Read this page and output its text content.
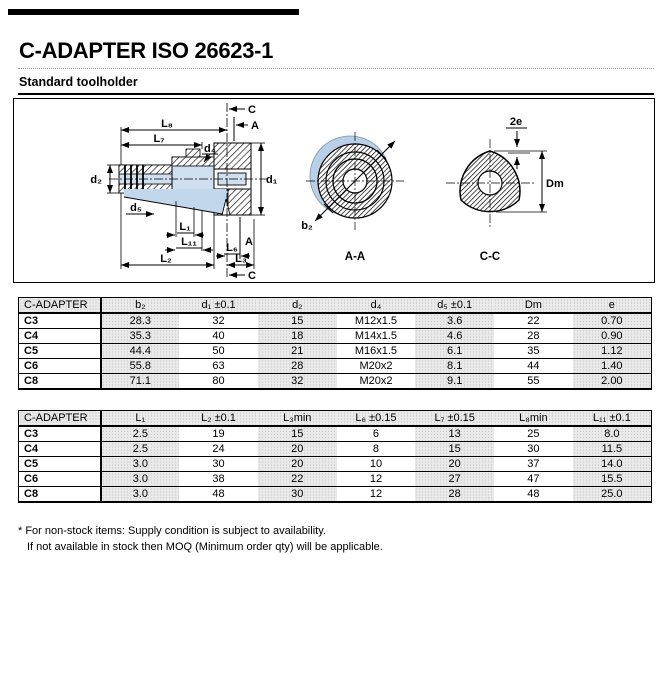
C-ADAPTER ISO 26623-1
Standard toolholder
C
A
L₈
L₇
d₄
d₂	d₁
d₅
L₁
L₁₁	L₆ A
L₂	L₃
C
b₂
A-A
2e
Dm
C-C
C-ADAPTER	b₂	d₁ ±0.1	d₂	d₄	d₅ ±0.1	Dm	e
C3	28.3	32	15	M12x1.5	3.6	22	0.70
C4	35.3	40	18	M14x1.5	4.6	28	0.90
C5	44.4	50	21	M16x1.5	6.1	35	1.12
C6	55.8	63	28	M20x2	8.1	44	1.40
C8	71.1	80	32	M20x2	9.1	55	2.00
C-ADAPTER	L₁	L₂ ±0.1	L₃min	L₆ ±0.15	L₇ ±0.15	L₈min	L₁₁ ±0.1
C3	2.5	19	15	6	13	25	8.0
C4	2.5	24	20	8	15	30	11.5
C5	3.0	30	20	10	20	37	14.0
C6	3.0	38	22	12	27	47	15.5
C8	3.0	48	30	12	28	48	25.0
* For non-stock items: Supply condition is subject to availability.
If not available in stock then MOQ (Minimum order qty) will be applicable.
